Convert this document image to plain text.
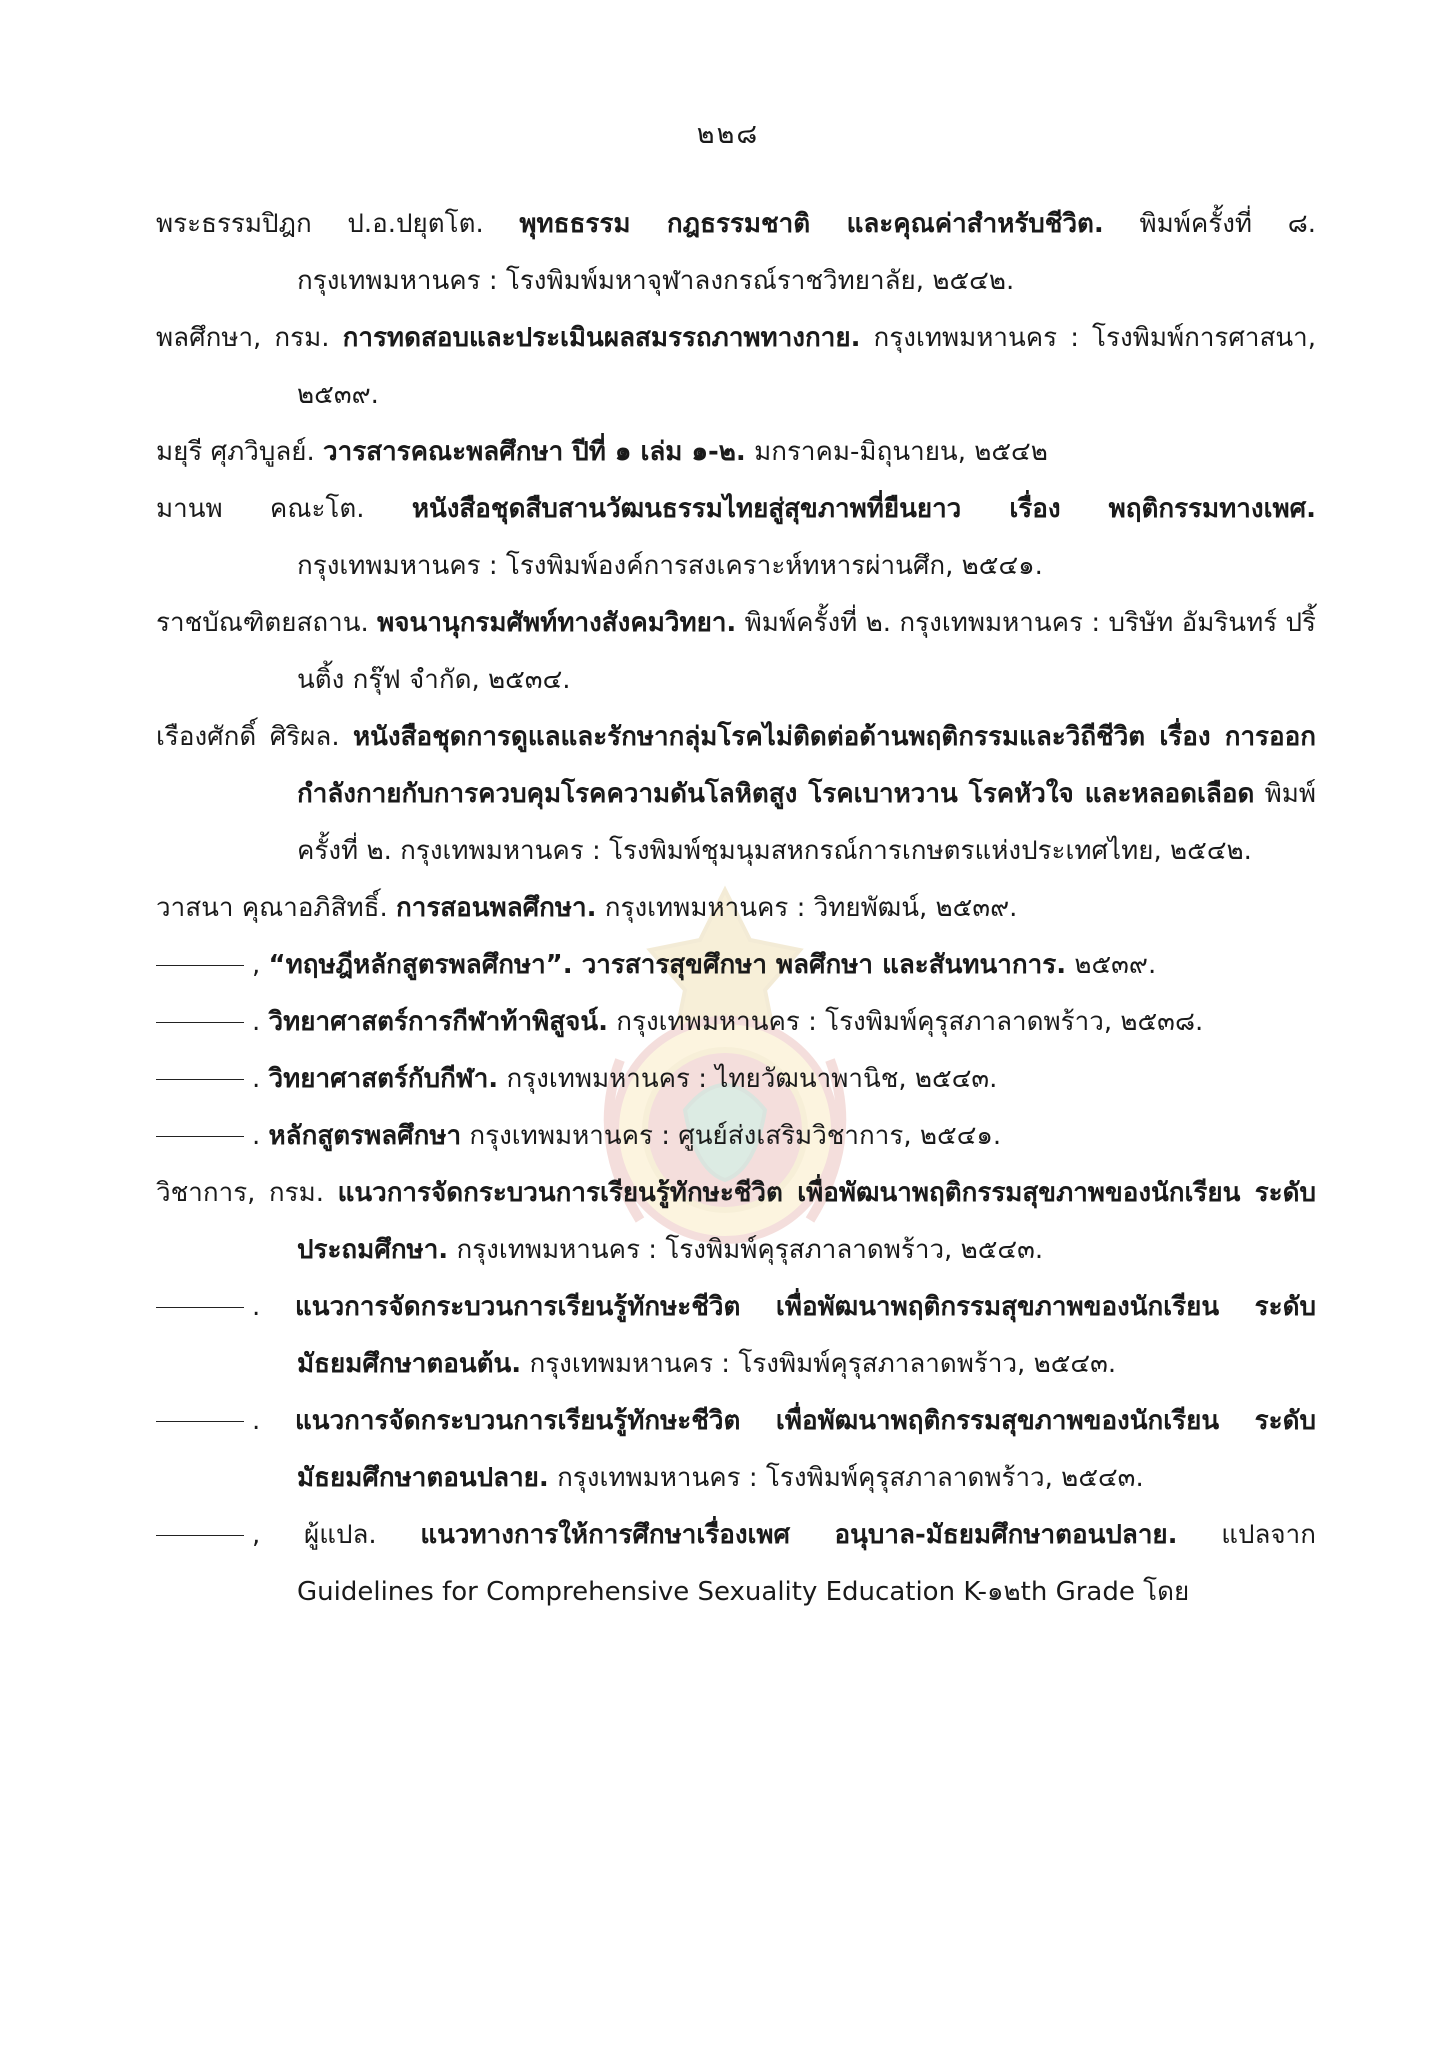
๒๒๘

พระธรรมปิฎก ป.อ.ปยุตโต. พุทธธรรม กฎธรรมชาติ และคุณค่าสำหรับชีวิต. พิมพ์ครั้งที่ ๘. กรุงเทพมหานคร : โรงพิมพ์มหาจุฬาลงกรณ์ราชวิทยาลัย, ๒๕๔๒.

พลศึกษา, กรม. การทดสอบและประเมินผลสมรรถภาพทางกาย. กรุงเทพมหานคร : โรงพิมพ์การศาสนา, ๒๕๓๙.

มยุรี ศุภวิบูลย์. วารสารคณะพลศึกษา ปีที่ ๑ เล่ม ๑-๒. มกราคม-มิถุนายน, ๒๕๔๒

มานพ คณะโต. หนังสือชุดสืบสานวัฒนธรรมไทยสู่สุขภาพที่ยืนยาว เรื่อง พฤติกรรมทางเพศ. กรุงเทพมหานคร : โรงพิมพ์องค์การสงเคราะห์ทหารผ่านศึก, ๒๕๔๑.

ราชบัณฑิตยสถาน. พจนานุกรมศัพท์ทางสังคมวิทยา. พิมพ์ครั้งที่ ๒. กรุงเทพมหานคร : บริษัท อัมรินทร์ ปริ้นติ้ง กรุ๊ฟ จำกัด, ๒๕๓๔.

เรืองศักดิ์ ศิริผล. หนังสือชุดการดูแลและรักษากลุ่มโรคไม่ติดต่อด้านพฤติกรรมและวิถีชีวิต เรื่อง การออกกำลังกายกับการควบคุมโรคความดันโลหิตสูง โรคเบาหวาน โรคหัวใจ และหลอดเลือด พิมพ์ครั้งที่ ๒. กรุงเทพมหานคร : โรงพิมพ์ชุมนุมสหกรณ์การเกษตรแห่งประเทศไทย, ๒๕๔๒.

วาสนา คุณาอภิสิทธิ์. การสอนพลศึกษา. กรุงเทพมหานคร : วิทยพัฒน์, ๒๕๓๙.

, “ทฤษฎีหลักสูตรพลศึกษา”. วารสารสุขศึกษา พลศึกษา และสันทนาการ. ๒๕๓๙.

. วิทยาศาสตร์การกีฬาท้าพิสูจน์. กรุงเทพมหานคร : โรงพิมพ์คุรุสภาลาดพร้าว, ๒๕๓๘.

. วิทยาศาสตร์กับกีฬา. กรุงเทพมหานคร : ไทยวัฒนาพานิช, ๒๕๔๓.

. หลักสูตรพลศึกษา กรุงเทพมหานคร : ศูนย์ส่งเสริมวิชาการ, ๒๕๔๑.

วิชาการ, กรม. แนวการจัดกระบวนการเรียนรู้ทักษะชีวิต เพื่อพัฒนาพฤติกรรมสุขภาพของนักเรียน ระดับประถมศึกษา. กรุงเทพมหานคร : โรงพิมพ์คุรุสภาลาดพร้าว, ๒๕๔๓.

. แนวการจัดกระบวนการเรียนรู้ทักษะชีวิต เพื่อพัฒนาพฤติกรรมสุขภาพของนักเรียน ระดับมัธยมศึกษาตอนต้น. กรุงเทพมหานคร : โรงพิมพ์คุรุสภาลาดพร้าว, ๒๕๔๓.

. แนวการจัดกระบวนการเรียนรู้ทักษะชีวิต เพื่อพัฒนาพฤติกรรมสุขภาพของนักเรียน ระดับมัธยมศึกษาตอนปลาย. กรุงเทพมหานคร : โรงพิมพ์คุรุสภาลาดพร้าว, ๒๕๔๓.

, ผู้แปล. แนวทางการให้การศึกษาเรื่องเพศ อนุบาล-มัธยมศึกษาตอนปลาย. แปลจาก Guidelines for Comprehensive Sexuality Education K-๑๒th Grade โดย
